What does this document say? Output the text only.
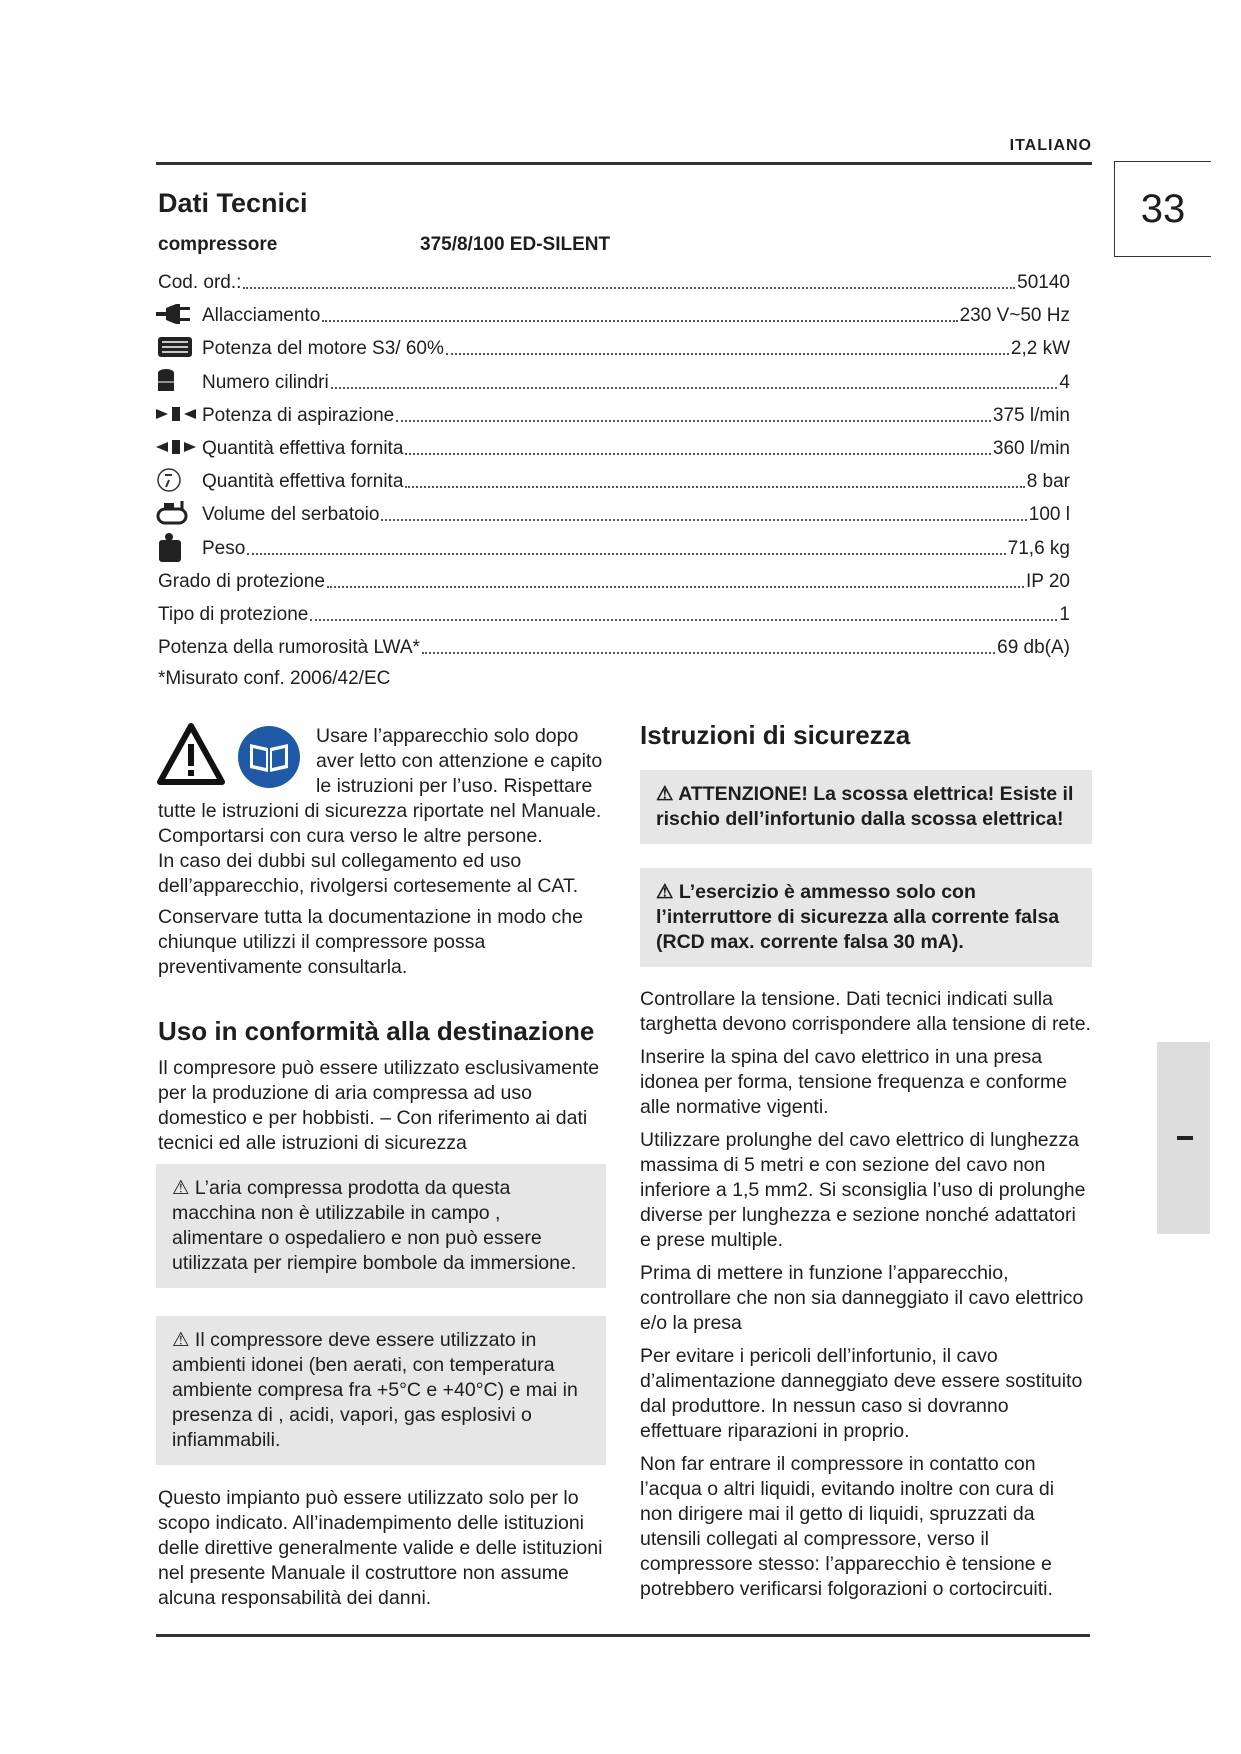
ITALIANO
33
Dati Tecnici
compressore	375/8/100 ED-SILENT
Cod. ord.:	50140
Allacciamento	230 V~50 Hz
Potenza del motore S3/ 60%	2,2 kW
Numero cilindri	4
Potenza di aspirazione	375 l/min
Quantità effettiva fornita	360 l/min
Quantità effettiva fornita	8 bar
Volume del serbatoio	100 l
Peso	71,6 kg
Grado di protezione	IP 20
Tipo di protezione	1
Potenza della rumorosità LWA*	69 db(A)
*Misurato conf. 2006/42/EC
Usare l’apparecchio solo dopo aver letto con attenzione e capito le istruzioni per l’uso. Rispettare
tutte le istruzioni di sicurezza riportate nel Manuale. Comportarsi con cura verso le altre persone.
In caso dei dubbi sul collegamento ed uso dell’apparecchio, rivolgersi cortesemente al CAT.
Conservare tutta la documentazione in modo che chiunque utilizzi il compressore possa preventivamente consultarla.
Uso in conformità alla destinazione
Il compresore può essere utilizzato esclusivamente per la produzione di aria compressa ad uso domestico e per hobbisti. – Con riferimento ai dati tecnici ed alle istruzioni di sicurezza
⚠ L’aria compressa prodotta da questa macchina non è utilizzabile in campo , alimentare o ospedaliero e non può essere utilizzata per riempire bombole da immersione.
⚠ Il compressore deve essere utilizzato in ambienti idonei (ben aerati, con temperatura ambiente compresa fra +5°C e +40°C) e mai in presenza di , acidi, vapori, gas esplosivi o infiammabili.
Questo impianto può essere utilizzato solo per lo scopo indicato. All’inadempimento delle istituzioni delle direttive generalmente valide e delle istituzioni nel presente Manuale il costruttore non assume alcuna responsabilità dei danni.
Istruzioni di sicurezza
⚠ ATTENZIONE! La scossa elettrica! Esiste il rischio dell’infortunio dalla scossa elettrica!
⚠ L’esercizio è ammesso solo con l’interruttore di sicurezza alla corrente falsa (RCD max. corrente falsa 30 mA).

Controllare la tensione. Dati tecnici indicati sulla targhetta devono corrispondere alla tensione di rete.

Inserire la spina del cavo elettrico in una presa idonea per forma, tensione frequenza e conforme alle normative vigenti.

Utilizzare prolunghe del cavo elettrico di lunghezza massima di 5 metri e con sezione del cavo non inferiore a 1,5 mm2. Si sconsiglia l’uso di prolunghe diverse per lunghezza e sezione nonché adattatori e prese multiple.

Prima di mettere in funzione l’apparecchio, controllare che non sia danneggiato il cavo elettrico e/o la presa

Per evitare i pericoli dell’infortunio, il cavo d’alimentazione danneggiato deve essere sostituito dal produttore. In nessun caso si dovranno effettuare riparazioni in proprio.

Non far entrare il compressore in contatto con l’acqua o altri liquidi, evitando inoltre con cura di non dirigere mai il getto di liquidi, spruzzati da utensili collegati al compressore, verso il compressore stesso: l’apparecchio è tensione e potrebbero verificarsi folgorazioni o cortocircuiti.
